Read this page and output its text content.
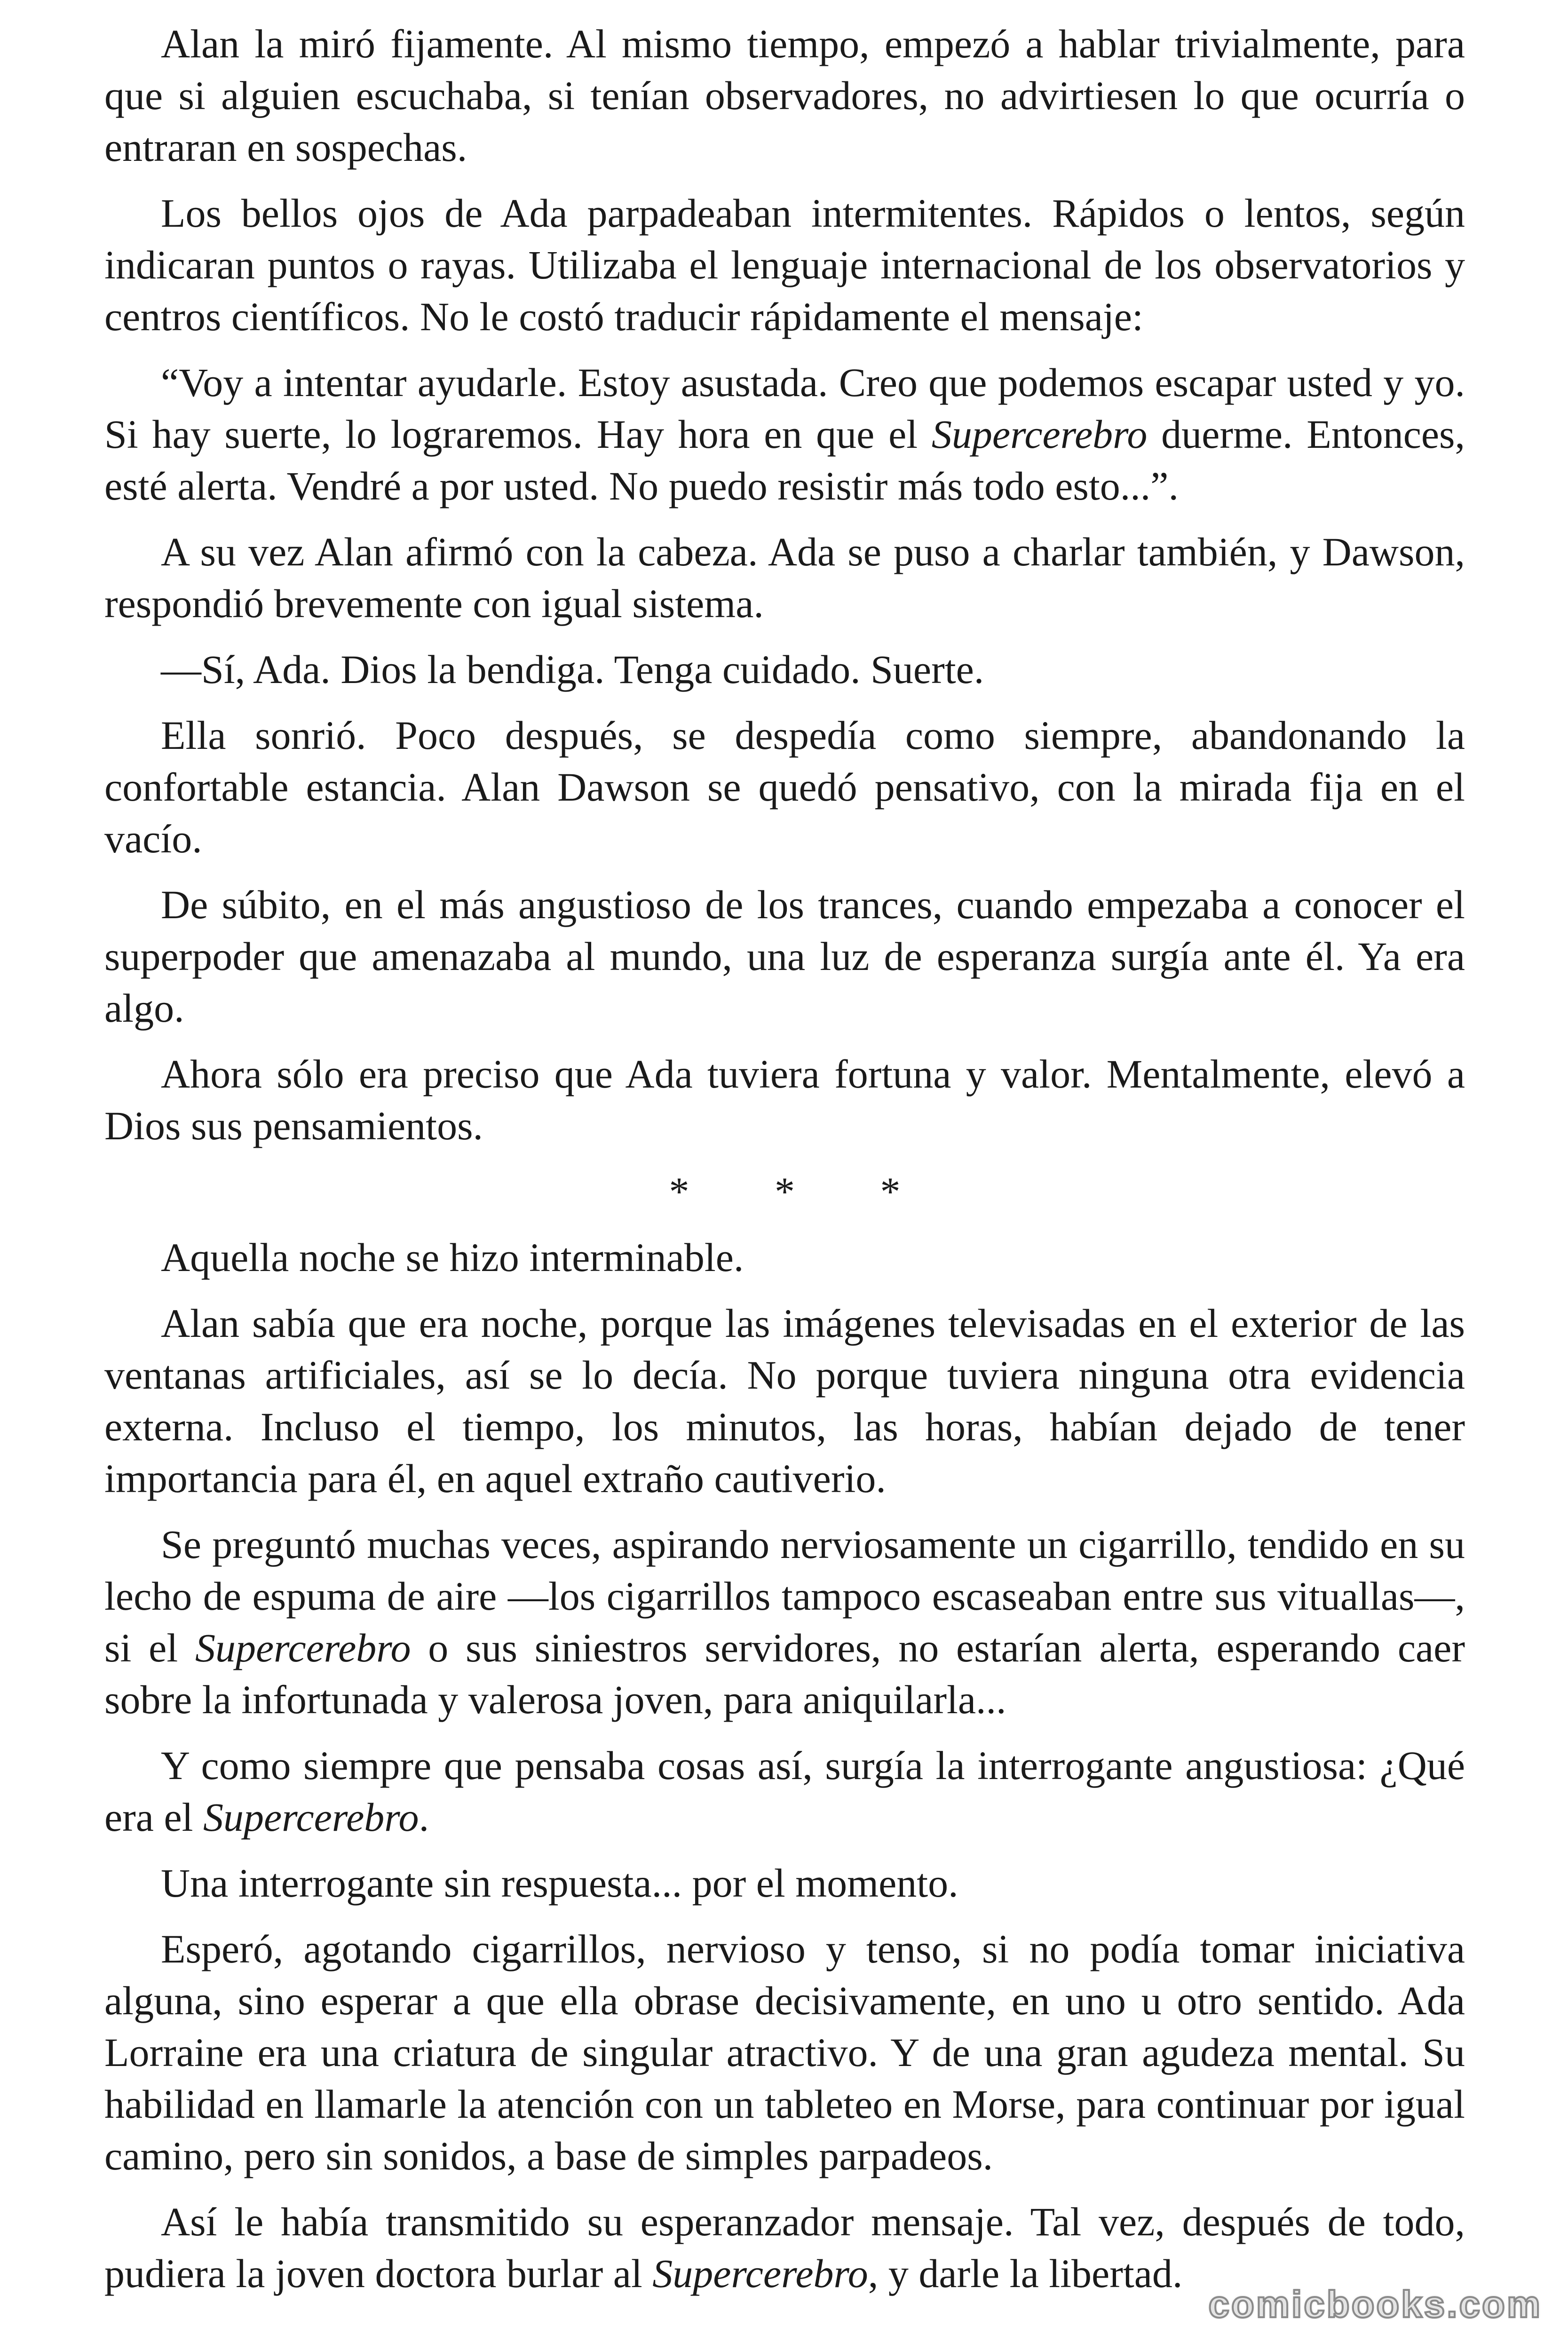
Alan la miró fijamente. Al mismo tiempo, empezó a hablar trivialmente, para que si alguien escuchaba, si tenían observadores, no advirtiesen lo que ocurría o entraran en sospechas.

Los bellos ojos de Ada parpadeaban intermitentes. Rápidos o lentos, según indicaran puntos o rayas. Utilizaba el lenguaje internacional de los observatorios y centros científicos. No le costó traducir rápidamente el mensaje:

“Voy a intentar ayudarle. Estoy asustada. Creo que podemos escapar usted y yo. Si hay suerte, lo lograremos. Hay hora en que el Supercerebro duerme. Entonces, esté alerta. Vendré a por usted. No puedo resistir más todo esto...”.

A su vez Alan afirmó con la cabeza. Ada se puso a charlar también, y Dawson, respondió brevemente con igual sistema.

—Sí, Ada. Dios la bendiga. Tenga cuidado. Suerte.

Ella sonrió. Poco después, se despedía como siempre, abandonando la confortable estancia. Alan Dawson se quedó pensativo, con la mirada fija en el vacío.

De súbito, en el más angustioso de los trances, cuando empezaba a conocer el superpoder que amenazaba al mundo, una luz de esperanza surgía ante él. Ya era algo.

Ahora sólo era preciso que Ada tuviera fortuna y valor. Mentalmente, elevó a Dios sus pensamientos.

* * *

Aquella noche se hizo interminable.

Alan sabía que era noche, porque las imágenes televisadas en el exterior de las ventanas artificiales, así se lo decía. No porque tuviera ninguna otra evidencia externa. Incluso el tiempo, los minutos, las horas, habían dejado de tener importancia para él, en aquel extraño cautiverio.

Se preguntó muchas veces, aspirando nerviosamente un cigarrillo, tendido en su lecho de espuma de aire —los cigarrillos tampoco escaseaban entre sus vituallas—, si el Supercerebro o sus siniestros servidores, no estarían alerta, esperando caer sobre la infortunada y valerosa joven, para aniquilarla...

Y como siempre que pensaba cosas así, surgía la interrogante angustiosa: ¿Qué era el Supercerebro.

Una interrogante sin respuesta... por el momento.

Esperó, agotando cigarrillos, nervioso y tenso, si no podía tomar iniciativa alguna, sino esperar a que ella obrase decisivamente, en uno u otro sentido. Ada Lorraine era una criatura de singular atractivo. Y de una gran agudeza mental. Su habilidad en llamarle la atención con un tableteo en Morse, para continuar por igual camino, pero sin sonidos, a base de simples parpadeos.

Así le había transmitido su esperanzador mensaje. Tal vez, después de todo, pudiera la joven doctora burlar al Supercerebro, y darle la libertad.

comicbooks.com
